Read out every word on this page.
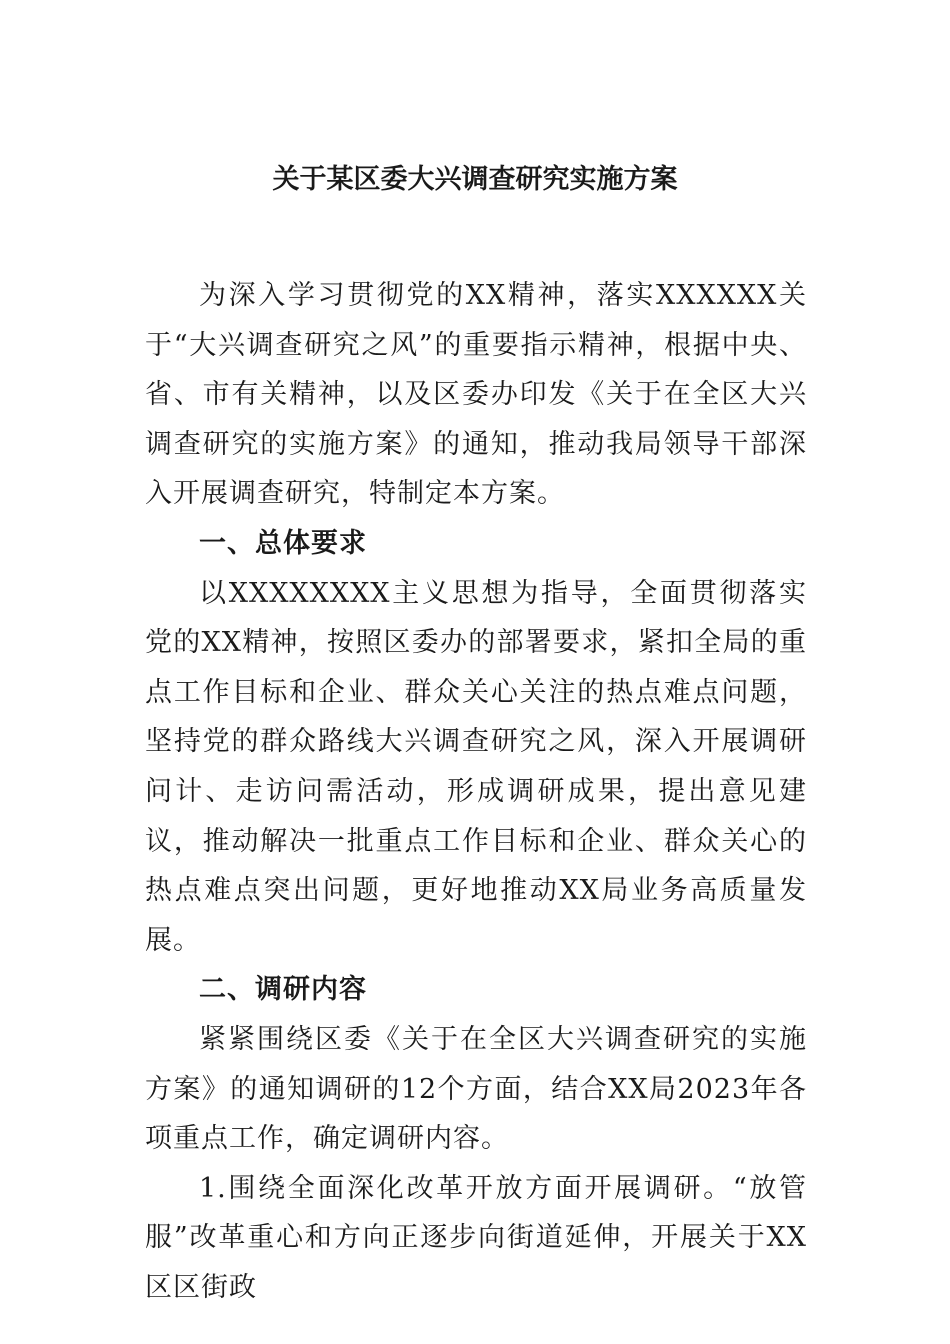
关于某区委大兴调查研究实施方案

为深入学习贯彻党的XX精神，落实XXXXXX关于“大兴调查研究之风”的重要指示精神，根据中央、省、市有关精神，以及区委办印发《关于在全区大兴调查研究的实施方案》的通知，推动我局领导干部深入开展调查研究，特制定本方案。

一、总体要求

以XXXXXXXX主义思想为指导，全面贯彻落实党的XX精神，按照区委办的部署要求，紧扣全局的重点工作目标和企业、群众关心关注的热点难点问题，坚持党的群众路线大兴调查研究之风，深入开展调研问计、走访问需活动，形成调研成果，提出意见建议，推动解决一批重点工作目标和企业、群众关心的热点难点突出问题，更好地推动XX局业务高质量发展。

二、调研内容

紧紧围绕区委《关于在全区大兴调查研究的实施方案》的通知调研的12个方面，结合XX局2023年各项重点工作，确定调研内容。

1.围绕全面深化改革开放方面开展调研。“放管服”改革重心和方向正逐步向街道延伸，开展关于XX区区街政
